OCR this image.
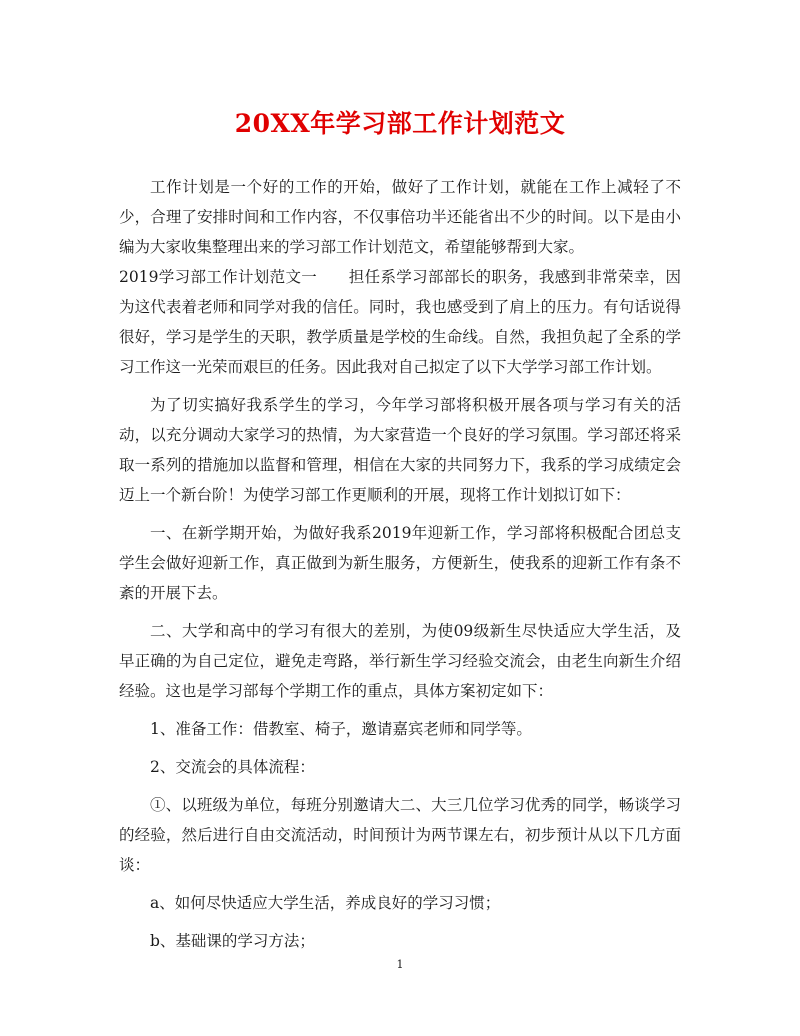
20XX年学习部工作计划范文

工作计划是一个好的工作的开始，做好了工作计划，就能在工作上减轻了不少，合理了安排时间和工作内容，不仅事倍功半还能省出不少的时间。以下是由小编为大家收集整理出来的学习部工作计划范文，希望能够帮到大家。

2019学习部工作计划范文一　　担任系学习部部长的职务，我感到非常荣幸，因为这代表着老师和同学对我的信任。同时，我也感受到了肩上的压力。有句话说得很好，学习是学生的天职，教学质量是学校的生命线。自然，我担负起了全系的学习工作这一光荣而艰巨的任务。因此我对自己拟定了以下大学学习部工作计划。

为了切实搞好我系学生的学习，今年学习部将积极开展各项与学习有关的活动，以充分调动大家学习的热情，为大家营造一个良好的学习氛围。学习部还将采取一系列的措施加以监督和管理，相信在大家的共同努力下，我系的学习成绩定会迈上一个新台阶！为使学习部工作更顺利的开展，现将工作计划拟订如下：

一、在新学期开始，为做好我系2019年迎新工作，学习部将积极配合团总支学生会做好迎新工作，真正做到为新生服务，方便新生，使我系的迎新工作有条不紊的开展下去。

二、大学和高中的学习有很大的差别，为使09级新生尽快适应大学生活，及早正确的为自己定位，避免走弯路，举行新生学习经验交流会，由老生向新生介绍经验。这也是学习部每个学期工作的重点，具体方案初定如下：

1、准备工作：借教室、椅子，邀请嘉宾老师和同学等。

2、交流会的具体流程：

①、以班级为单位，每班分别邀请大二、大三几位学习优秀的同学，畅谈学习的经验，然后进行自由交流活动，时间预计为两节课左右，初步预计从以下几方面谈：

a、如何尽快适应大学生活，养成良好的学习习惯；

b、基础课的学习方法；

1
